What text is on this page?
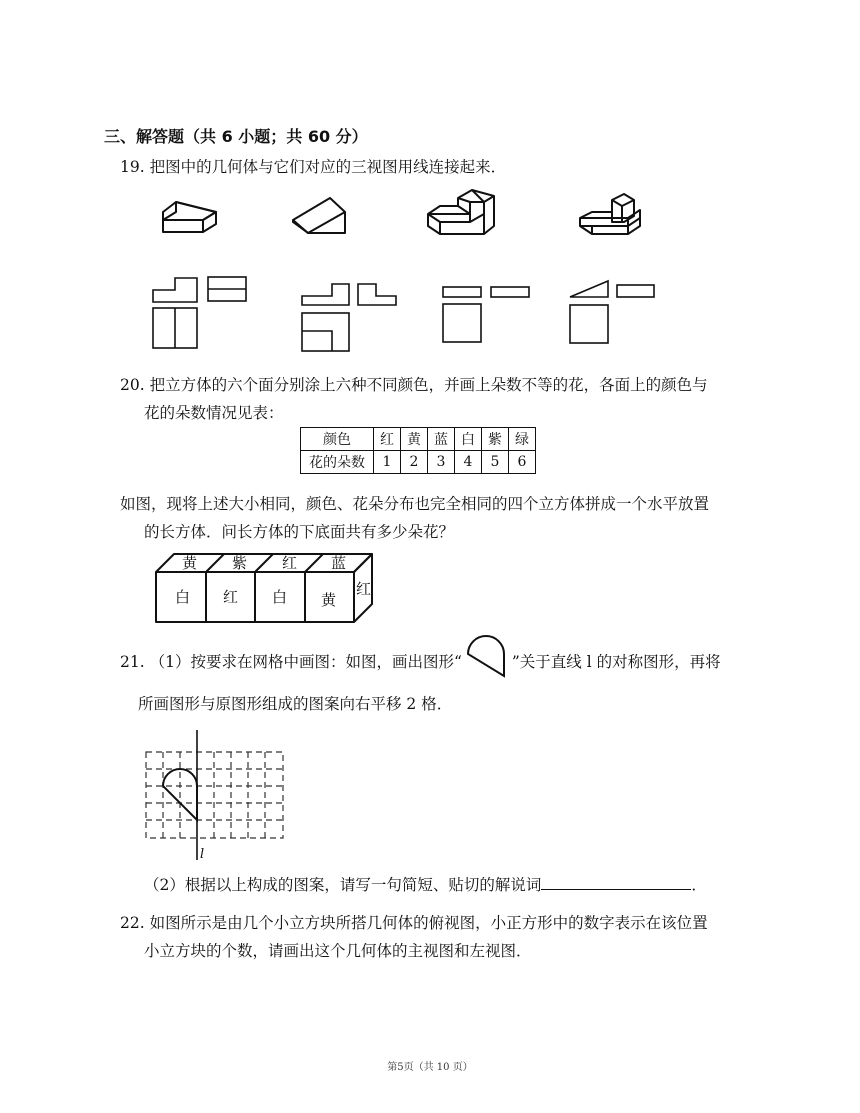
三、解答题（共 6 小题；共 60 分）
19. 把图中的几何体与它们对应的三视图用线连接起来．
20. 把立方体的六个面分别涂上六种不同颜色，并画上朵数不等的花，各面上的颜色与
花的朵数情况见表：
颜色	红	黄	蓝	白	紫	绿
花的朵数	1	2	3	4	5	6
如图，现将上述大小相同，颜色、花朵分布也完全相同的四个立方体拼成一个水平放置
的长方体．问长方体的下底面共有多少朵花？
黄 紫 红 蓝
白 红 白 黄
红
21. （1）按要求在网格中画图：如图，画出图形“	”关于直线 l 的对称图形，再将
所画图形与原图形组成的图案向右平移 2 格．
l
（2）根据以上构成的图案，请写一句简短、贴切的解说词	．
22. 如图所示是由几个小立方块所搭几何体的俯视图，小正方形中的数字表示在该位置
小立方块的个数，请画出这个几何体的主视图和左视图．
第5页（共 10 页）
